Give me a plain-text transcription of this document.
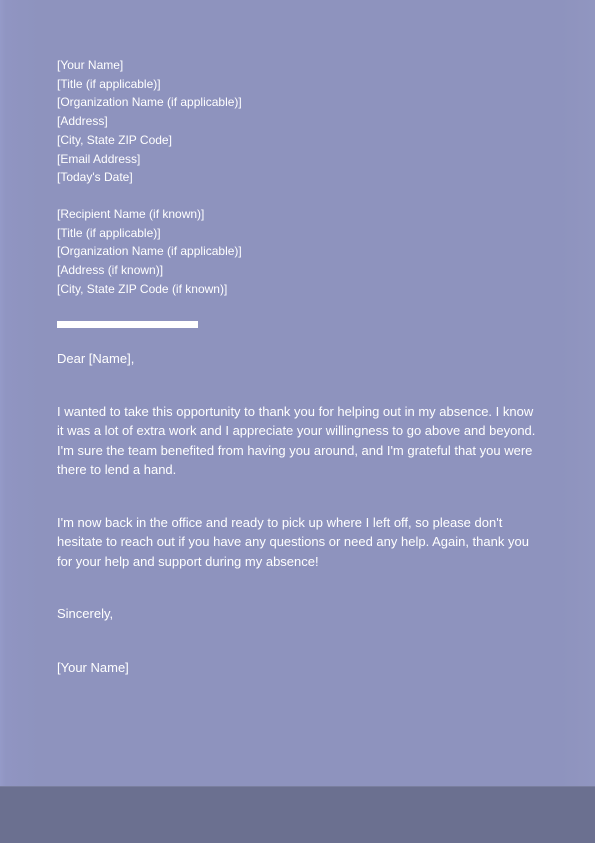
[Your Name]

[Title (if applicable)]

[Organization Name (if applicable)]

[Address]

[City, State ZIP Code]

[Email Address]

[Today's Date]

[Recipient Name (if known)]

[Title (if applicable)]

[Organization Name (if applicable)]

[Address (if known)]

[City, State ZIP Code (if known)]

Dear [Name],

I wanted to take this opportunity to thank you for helping out in my absence. I know it was a lot of extra work and I appreciate your willingness to go above and beyond. I'm sure the team benefited from having you around, and I'm grateful that you were there to lend a hand.

I'm now back in the office and ready to pick up where I left off, so please don't hesitate to reach out if you have any questions or need any help. Again, thank you for your help and support during my absence!

Sincerely,

[Your Name]
